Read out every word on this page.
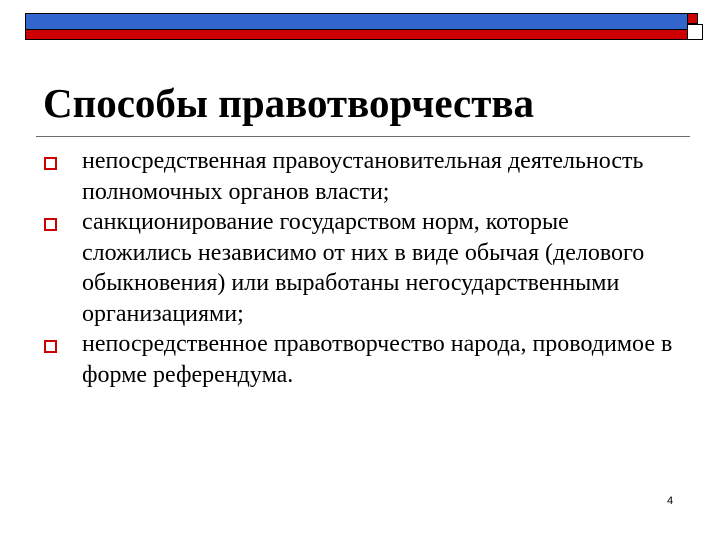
Способы правотворчества
непосредственная правоустановительная деятельность полномочных органов власти;
санкционирование государством норм, которые сложились независимо от них в виде обычая (делового обыкновения) или выработаны негосударственными организациями;
непосредственное правотворчество народа, проводимое в форме референдума.
4
